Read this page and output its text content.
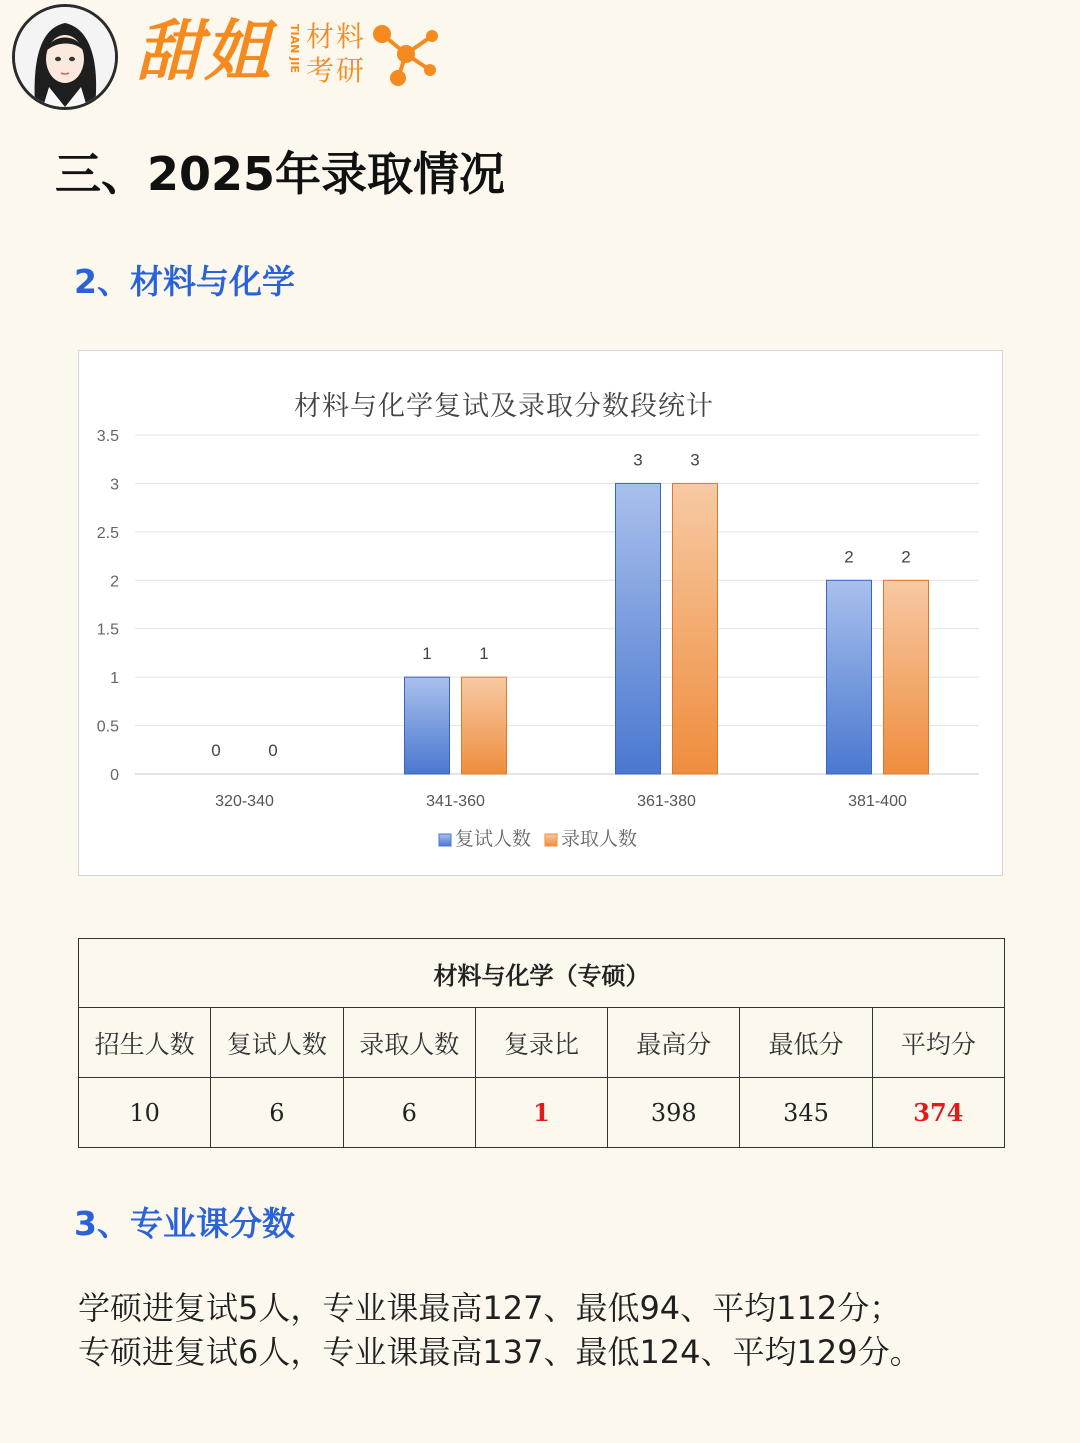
甜姐 TIAN JIE 材料
考研
三、2025年录取情况
2、材料与化学
材料与化学复试及录取分数段统计
0
0.5
1
1.5
2
2.5
3
3.5
0	0
320-340
1	1
341-360
3	3
361-380
2	2
381-400
复试人数 录取人数
材料与化学（专硕）						
招生人数	复试人数	录取人数	复录比	最高分	最低分	平均分
10	6	6	1	398	345	374
3、专业课分数
学硕进复试5人，专业课最高127、最低94、平均112分；
专硕进复试6人，专业课最高137、最低124、平均129分。
